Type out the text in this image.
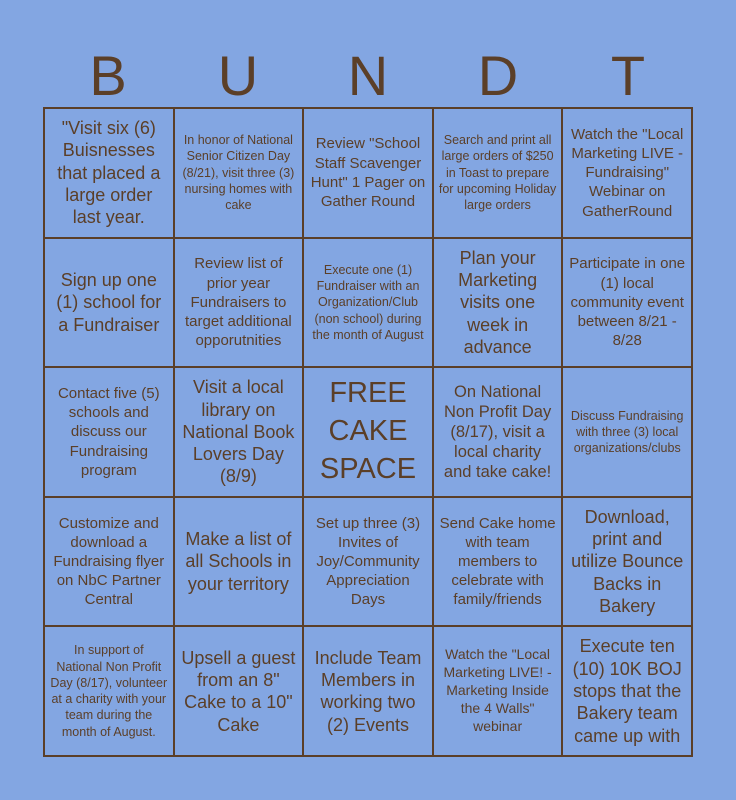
B	U	N	D	T
"Visit six (6) Buisnesses that placed a large order last year.
In honor of National Senior Citizen Day (8/21), visit three (3) nursing homes with cake
Review "School Staff Scavenger Hunt" 1 Pager on Gather Round
Search and print all large orders of $250 in Toast to prepare for upcoming Holiday large orders
Watch the "Local Marketing LIVE - Fundraising" Webinar on GatherRound
Sign up one (1) school for a Fundraiser
Review list of prior year Fundraisers to target additional opporutnities
Execute one (1) Fundraiser with an Organization/Club (non school) during the month of August
Plan your Marketing visits one week in advance
Participate in one (1) local community event between 8/21 - 8/28
Contact five (5) schools and discuss our Fundraising program
Visit a local library on National Book Lovers Day (8/9)
FREE CAKE SPACE
On National Non Profit Day (8/17), visit a local charity and take cake!
Discuss Fundraising with three (3) local organizations/clubs
Customize and download a Fundraising flyer on NbC Partner Central
Make a list of all Schools in your territory
Set up three (3) Invites of Joy/Community Appreciation Days
Send Cake home with team members to celebrate with family/friends
Download, print and utilize Bounce Backs in Bakery
In support of National Non Profit Day (8/17), volunteer at a charity with your team during the month of August.
Upsell a guest from an 8" Cake to a 10" Cake
Include Team Members in working two (2) Events
Watch the "Local Marketing LIVE! - Marketing Inside the 4 Walls" webinar
Execute ten (10) 10K BOJ stops that the Bakery team came up with
